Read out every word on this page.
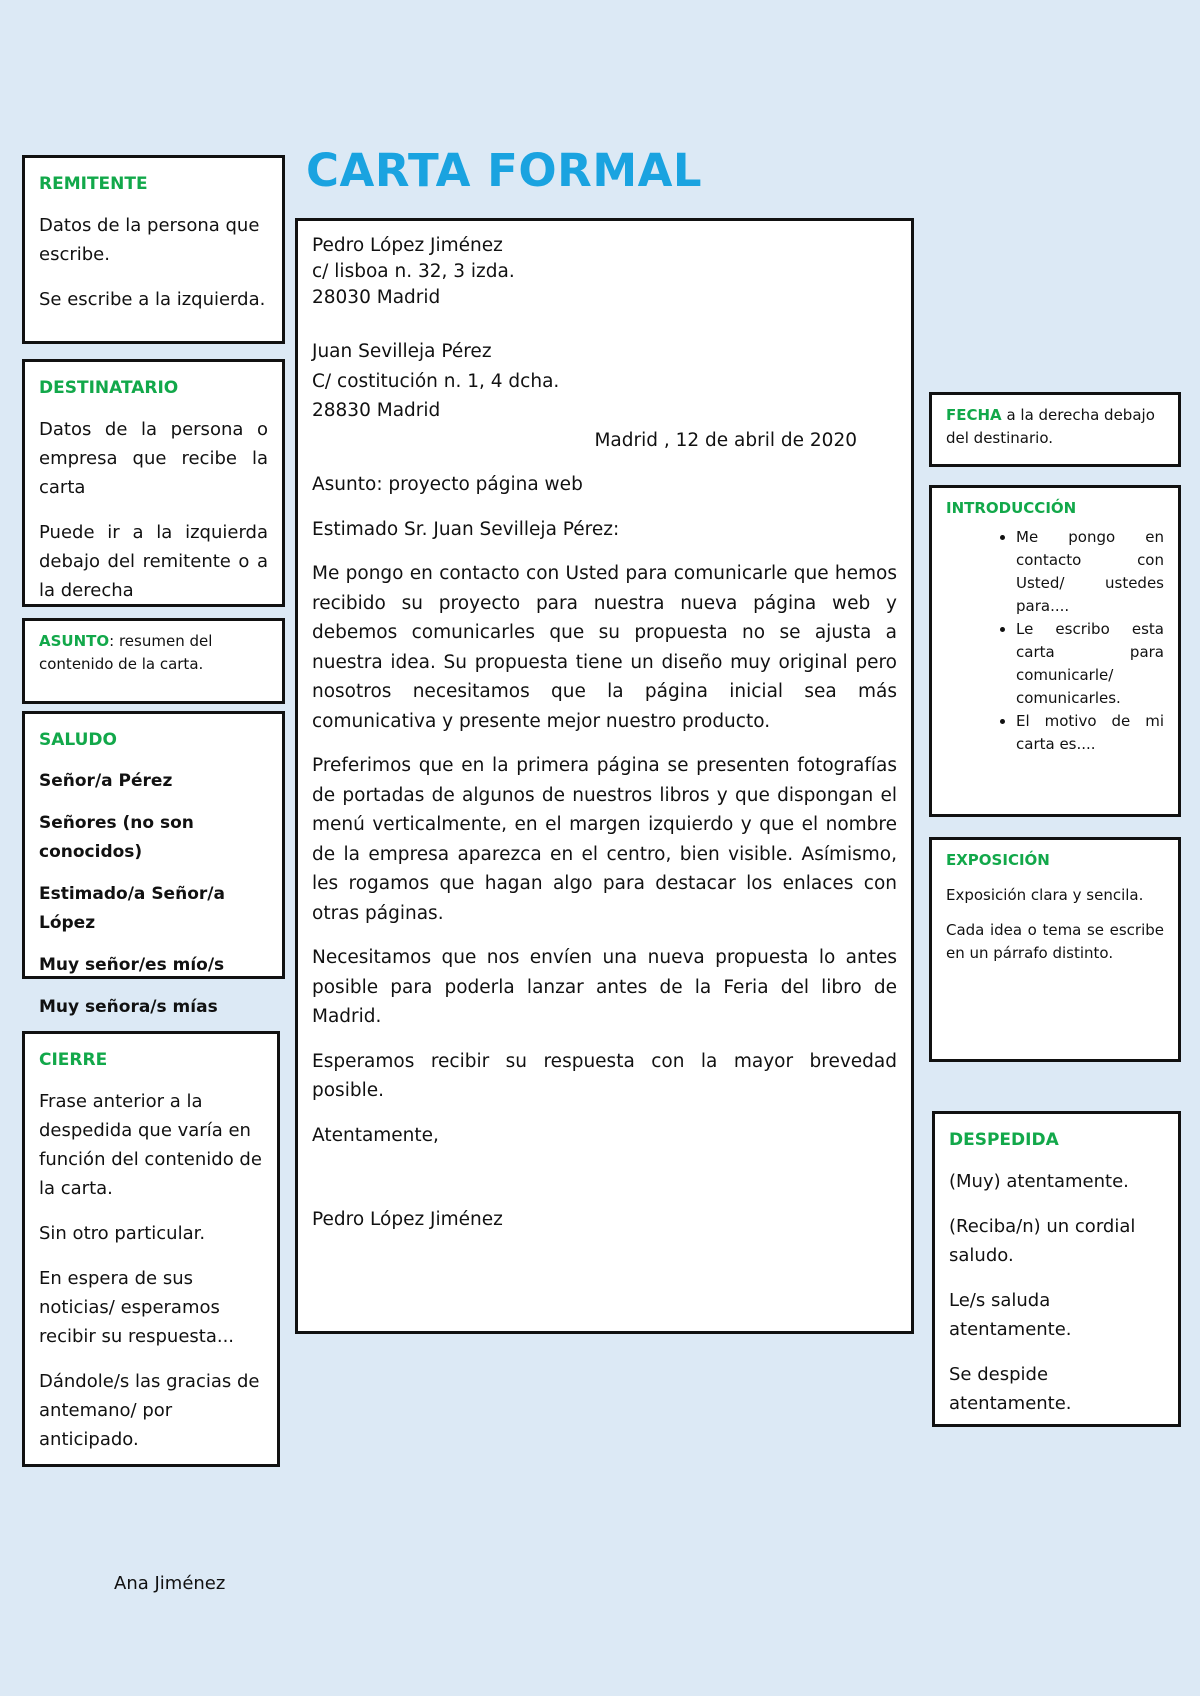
CARTA FORMAL
REMITENTE

Datos de la persona que escribe.

Se escribe a la izquierda.

DESTINATARIO

Datos de la persona o empresa que recibe la carta

Puede ir a la izquierda debajo del remitente o a la derecha

ASUNTO: resumen del contenido de la carta.
SALUDO

Señor/a Pérez

Señores (no son conocidos)

Estimado/a Señor/a López

Muy señor/es mío/s

Muy señora/s mías

CIERRE

Frase anterior a la despedida que varía en función del contenido de la carta.

Sin otro particular.

En espera de sus noticias/ esperamos recibir su respuesta...

Dándole/s las gracias de antemano/ por anticipado.

Pedro López Jiménez

c/ lisboa n. 32, 3 izda.

28030 Madrid

Juan Sevilleja Pérez

C/ costitución n. 1, 4 dcha.

28830 Madrid

Madrid , 12 de abril de 2020

Asunto: proyecto página web

Estimado Sr. Juan Sevilleja Pérez:

Me pongo en contacto con Usted para comunicarle que hemos recibido su proyecto para nuestra nueva página web y debemos comunicarles que su propuesta no se ajusta a nuestra idea. Su propuesta tiene un diseño muy original pero nosotros necesitamos que la página inicial sea más comunicativa y presente mejor nuestro producto.

Preferimos que en la primera página se presenten fotografías de portadas de algunos de nuestros libros y que dispongan el menú verticalmente, en el margen izquierdo y que el nombre de la empresa aparezca en el centro, bien visible. Asímismo, les rogamos que hagan algo para destacar los enlaces con otras páginas.

Necesitamos que nos envíen una nueva propuesta lo antes posible para poderla lanzar antes de la Feria del libro de Madrid.

Esperamos recibir su respuesta con la mayor brevedad posible.

Atentamente,

Pedro López Jiménez

FECHA a la derecha debajo del destinario.
INTRODUCCIÓN
• Me pongo en contacto con Usted/ ustedes para....
• Le escribo esta carta para comunicarle/ comunicarles.
• El motivo de mi carta es....
EXPOSICIÓN

Exposición clara y sencila.

Cada idea o tema se escribe en un párrafo distinto.

DESPEDIDA

(Muy) atentamente.

(Reciba/n) un cordial saludo.

Le/s saluda atentamente.

Se despide atentamente.

Ana Jiménez
